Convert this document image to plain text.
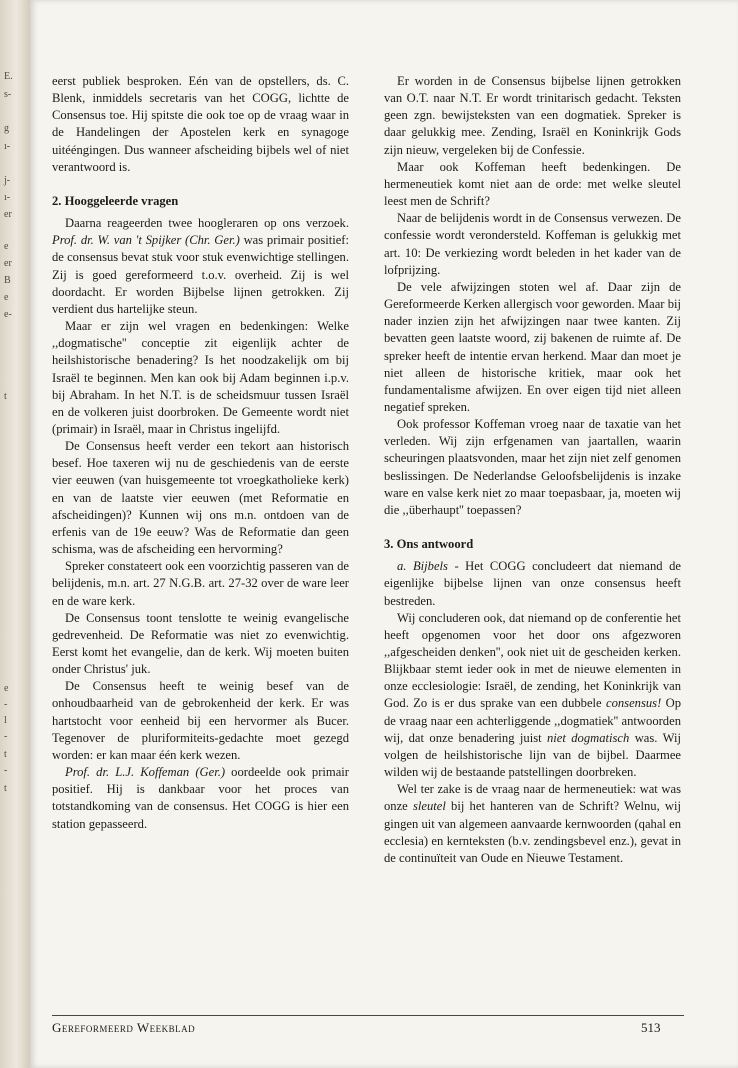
E.
s-
g
ı-
j-
ı-
er
e
er
B
e
e-
t
e
-
l
-
t
-
t

eerst publiek besproken. Eén van de opstellers, ds. C. Blenk, inmiddels secretaris van het COGG, lichtte de Consensus toe. Hij spitste die ook toe op de vraag waar in de Handelingen der Apostelen kerk en synagoge uitééngingen. Dus wanneer afscheiding bijbels wel of niet verantwoord is.

2. Hooggeleerde vragen

Daarna reageerden twee hoogleraren op ons verzoek. Prof. dr. W. van 't Spijker (Chr. Ger.) was primair positief: de consensus bevat stuk voor stuk evenwichtige stellingen. Zij is goed gereformeerd t.o.v. overheid. Zij is wel doordacht. Er worden Bijbelse lijnen getrokken. Zij verdient dus hartelijke steun.

Maar er zijn wel vragen en bedenkingen: Welke ,,dogmatische'' conceptie zit eigenlijk achter de heilshistorische benadering? Is het noodzakelijk om bij Israël te beginnen. Men kan ook bij Adam beginnen i.p.v. bij Abraham. In het N.T. is de scheidsmuur tussen Israël en de volkeren juist doorbroken. De Gemeente wordt niet (primair) in Israël, maar in Christus ingelijfd.

De Consensus heeft verder een tekort aan historisch besef. Hoe taxeren wij nu de geschiedenis van de eerste vier eeuwen (van huisgemeente tot vroegkatholieke kerk) en van de laatste vier eeuwen (met Reformatie en afscheidingen)? Kunnen wij ons m.n. ontdoen van de erfenis van de 19e eeuw? Was de Reformatie dan geen schisma, was de afscheiding een hervorming?

Spreker constateert ook een voorzichtig passeren van de belijdenis, m.n. art. 27 N.G.B. art. 27-32 over de ware leer en de ware kerk.

De Consensus toont tenslotte te weinig evangelische gedrevenheid. De Reformatie was niet zo evenwichtig. Eerst komt het evangelie, dan de kerk. Wij moeten buiten onder Christus' juk.

De Consensus heeft te weinig besef van de onhoudbaarheid van de gebrokenheid der kerk. Er was hartstocht voor eenheid bij een hervormer als Bucer. Tegenover de pluriformiteits-gedachte moet gezegd worden: er kan maar één kerk wezen.

Prof. dr. L.J. Koffeman (Ger.) oordeelde ook primair positief. Hij is dankbaar voor het proces van totstandkoming van de consensus. Het COGG is hier een station gepasseerd.

Er worden in de Consensus bijbelse lijnen getrokken van O.T. naar N.T. Er wordt trinitarisch gedacht. Teksten geen zgn. bewijsteksten van een dogmatiek. Spreker is daar gelukkig mee. Zending, Israël en Koninkrijk Gods zijn nieuw, vergeleken bij de Confessie.

Maar ook Koffeman heeft bedenkingen. De hermeneutiek komt niet aan de orde: met welke sleutel leest men de Schrift?

Naar de belijdenis wordt in de Consensus verwezen. De confessie wordt verondersteld. Koffeman is gelukkig met art. 10: De verkiezing wordt beleden in het kader van de lofprijzing.

De vele afwijzingen stoten wel af. Daar zijn de Gereformeerde Kerken allergisch voor geworden. Maar bij nader inzien zijn het afwijzingen naar twee kanten. Zij bevatten geen laatste woord, zij bakenen de ruimte af. De spreker heeft de intentie ervan herkend. Maar dan moet je niet alleen de historische kritiek, maar ook het fundamentalisme afwijzen. En over eigen tijd niet alleen negatief spreken.

Ook professor Koffeman vroeg naar de taxatie van het verleden. Wij zijn erfgenamen van jaartallen, waarin scheuringen plaatsvonden, maar het zijn niet zelf genomen beslissingen. De Nederlandse Geloofsbelijdenis is inzake ware en valse kerk niet zo maar toepasbaar, ja, moeten wij die ,,überhaupt'' toepassen?

3. Ons antwoord

a. Bijbels - Het COGG concludeert dat niemand de eigenlijke bijbelse lijnen van onze consensus heeft bestreden.

Wij concluderen ook, dat niemand op de conferentie het heeft opgenomen voor het door ons afgezworen ,,afgescheiden denken'', ook niet uit de gescheiden kerken. Blijkbaar stemt ieder ook in met de nieuwe elementen in onze ecclesiologie: Israël, de zending, het Koninkrijk van God. Zo is er dus sprake van een dubbele consensus! Op de vraag naar een achterliggende ,,dogmatiek'' antwoorden wij, dat onze benadering juist niet dogmatisch was. Wij volgen de heilshistorische lijn van de bijbel. Daarmee wilden wij de bestaande patstellingen doorbreken.

Wel ter zake is de vraag naar de hermeneutiek: wat was onze sleutel bij het hanteren van de Schrift? Welnu, wij gingen uit van algemeen aanvaarde kernwoorden (qahal en ecclesia) en kernteksten (b.v. zendingsbevel enz.), gevat in de continuïteit van Oude en Nieuwe Testament.

Gereformeerd Weekblad	513
